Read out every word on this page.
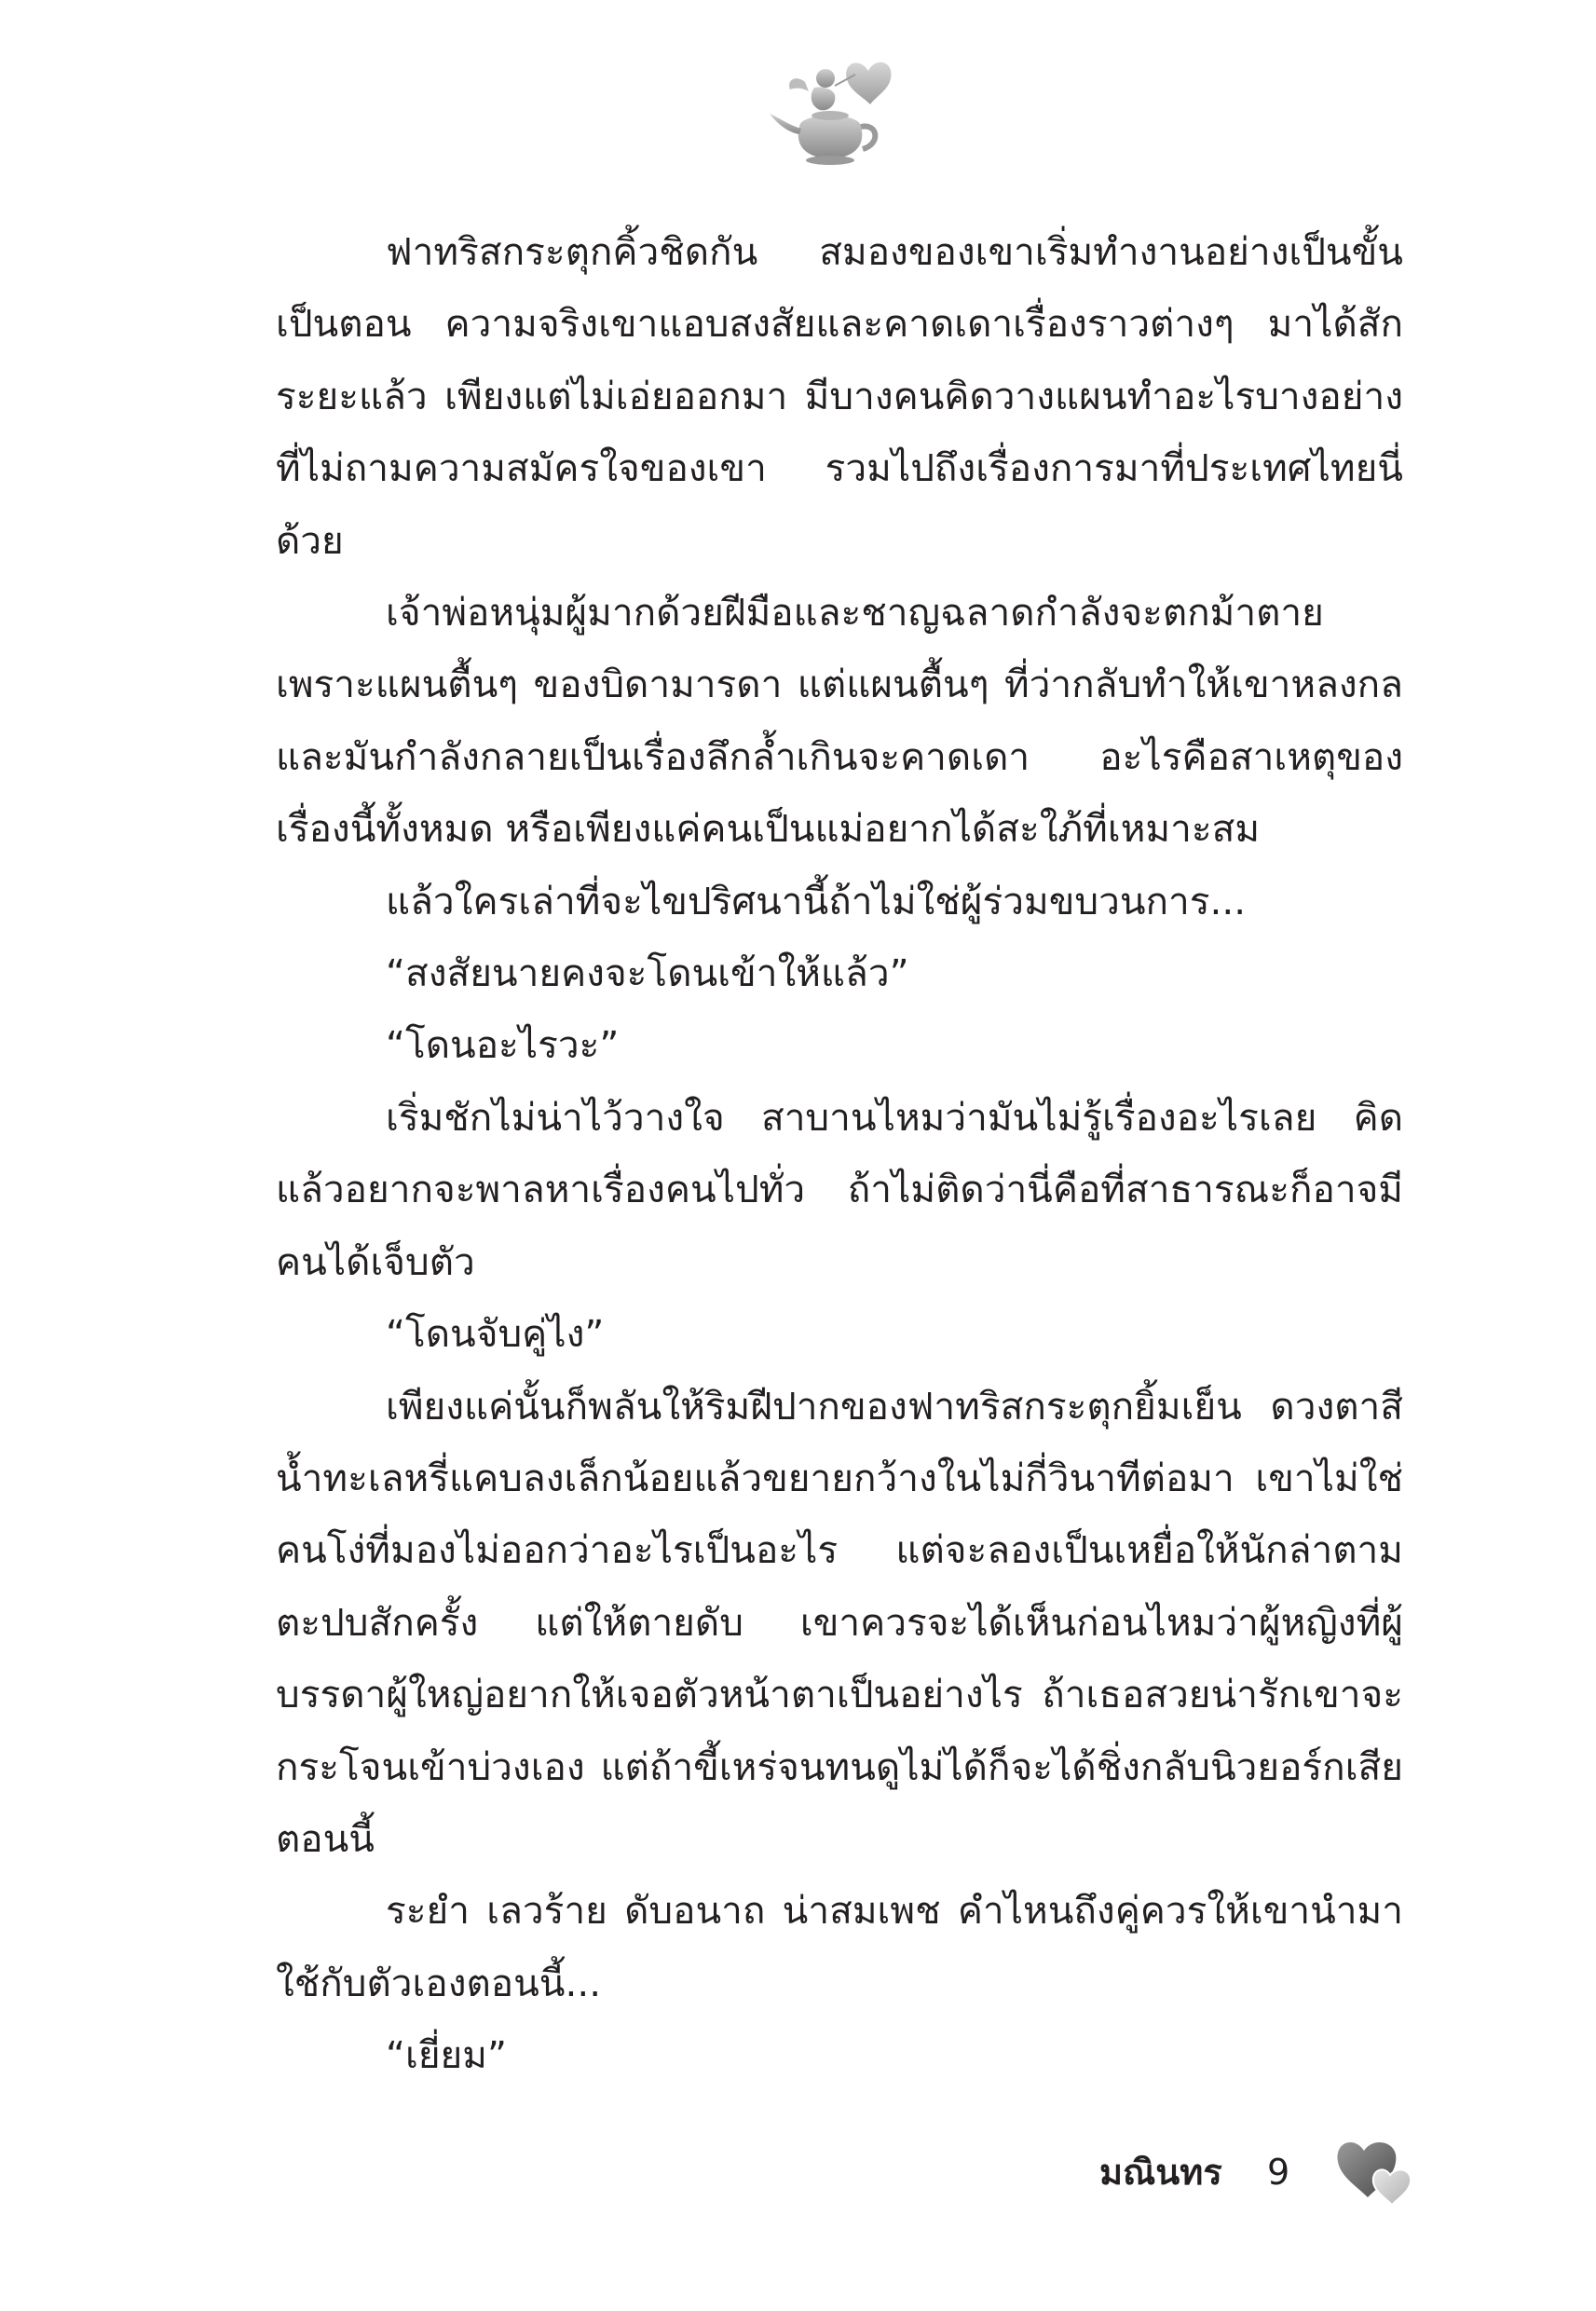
ฟาทริสกระตุกคิ้วชิดกัน สมองของเขาเริ่มทำงานอย่างเป็นขั้นเป็นตอน ความจริงเขาแอบสงสัยและคาดเดาเรื่องราวต่างๆ มาได้สักระยะแล้ว เพียงแต่ไม่เอ่ยออกมา มีบางคนคิดวางแผนทำอะไรบางอย่างที่ไม่ถามความสมัครใจของเขา รวมไปถึงเรื่องการมาที่ประเทศไทยนี่ด้วย

เจ้าพ่อหนุ่มผู้มากด้วยฝีมือและชาญฉลาดกำลังจะตกม้าตายเพราะแผนตื้นๆ ของบิดามารดา แต่แผนตื้นๆ ที่ว่ากลับทำให้เขาหลงกลและมันกำลังกลายเป็นเรื่องลึกล้ำเกินจะคาดเดา อะไรคือสาเหตุของเรื่องนี้ทั้งหมด หรือเพียงแค่คนเป็นแม่อยากได้สะใภ้ที่เหมาะสม

แล้วใครเล่าที่จะไขปริศนานี้ถ้าไม่ใช่ผู้ร่วมขบวนการ...

“สงสัยนายคงจะโดนเข้าให้แล้ว”

“โดนอะไรวะ”

เริ่มชักไม่น่าไว้วางใจ สาบานไหมว่ามันไม่รู้เรื่องอะไรเลย คิดแล้วอยากจะพาลหาเรื่องคนไปทั่ว ถ้าไม่ติดว่านี่คือที่สาธารณะก็อาจมีคนได้เจ็บตัว

“โดนจับคู่ไง”

เพียงแค่นั้นก็พลันให้ริมฝีปากของฟาทริสกระตุกยิ้มเย็น ดวงตาสีน้ำทะเลหรี่แคบลงเล็กน้อยแล้วขยายกว้างในไม่กี่วินาทีต่อมา เขาไม่ใช่คนโง่ที่มองไม่ออกว่าอะไรเป็นอะไร แต่จะลองเป็นเหยื่อให้นักล่าตามตะปบสักครั้ง แต่ให้ตายดับ เขาควรจะได้เห็นก่อนไหมว่าผู้หญิงที่ผู้บรรดาผู้ใหญ่อยากให้เจอตัวหน้าตาเป็นอย่างไร ถ้าเธอสวยน่ารักเขาจะกระโจนเข้าบ่วงเอง แต่ถ้าขี้เหร่จนทนดูไม่ได้ก็จะได้ชิ่งกลับนิวยอร์กเสียตอนนี้

ระยำ เลวร้าย ดับอนาถ น่าสมเพช คำไหนถึงคู่ควรให้เขานำมาใช้กับตัวเองตอนนี้...

“เยี่ยม”

มณินทร 9
